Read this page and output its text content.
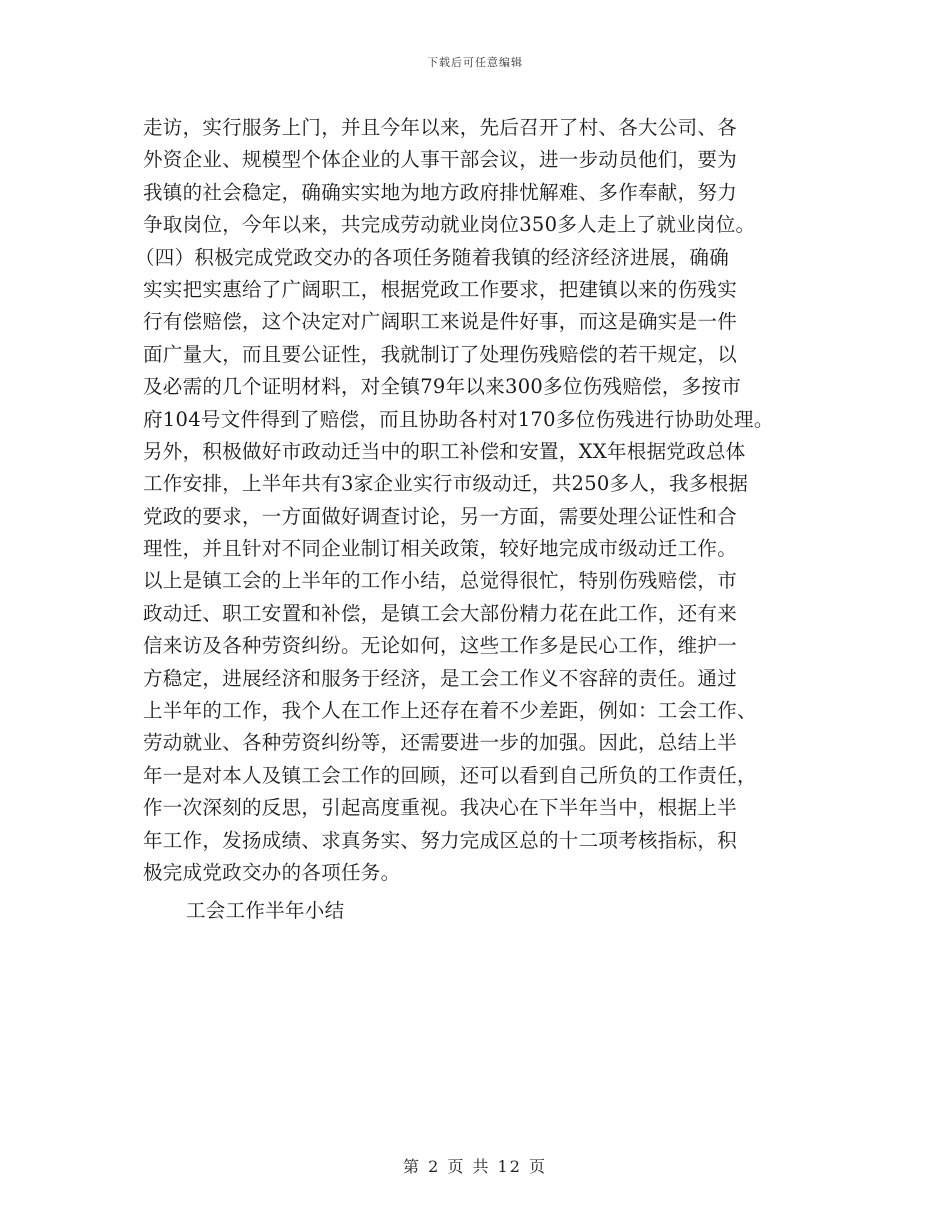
下载后可任意编辑
走访，实行服务上门，并且今年以来，先后召开了村、各大公司、各
外资企业、规模型个体企业的人事干部会议，进一步动员他们，要为
我镇的社会稳定，确确实实地为地方政府排忧解难、多作奉献，努力
争取岗位，今年以来，共完成劳动就业岗位350多人走上了就业岗位。
（四）积极完成党政交办的各项任务随着我镇的经济经济进展，确确
实实把实惠给了广阔职工，根据党政工作要求，把建镇以来的伤残实
行有偿赔偿，这个决定对广阔职工来说是件好事，而这是确实是一件
面广量大，而且要公证性，我就制订了处理伤残赔偿的若干规定，以
及必需的几个证明材料，对全镇79年以来300多位伤残赔偿，多按市
府104号文件得到了赔偿，而且协助各村对170多位伤残进行协助处理。
另外，积极做好市政动迁当中的职工补偿和安置，XX年根据党政总体
工作安排，上半年共有3家企业实行市级动迁，共250多人，我多根据
党政的要求，一方面做好调查讨论，另一方面，需要处理公证性和合
理性，并且针对不同企业制订相关政策，较好地完成市级动迁工作。
以上是镇工会的上半年的工作小结，总觉得很忙，特别伤残赔偿，市
政动迁、职工安置和补偿，是镇工会大部份精力花在此工作，还有来
信来访及各种劳资纠纷。无论如何，这些工作多是民心工作，维护一
方稳定，进展经济和服务于经济，是工会工作义不容辞的责任。通过
上半年的工作，我个人在工作上还存在着不少差距，例如：工会工作、
劳动就业、各种劳资纠纷等，还需要进一步的加强。因此，总结上半
年一是对本人及镇工会工作的回顾，还可以看到自己所负的工作责任，
作一次深刻的反思，引起高度重视。我决心在下半年当中，根据上半
年工作，发扬成绩、求真务实、努力完成区总的十二项考核指标，积
极完成党政交办的各项任务。
工会工作半年小结
第 2 页 共 12 页
